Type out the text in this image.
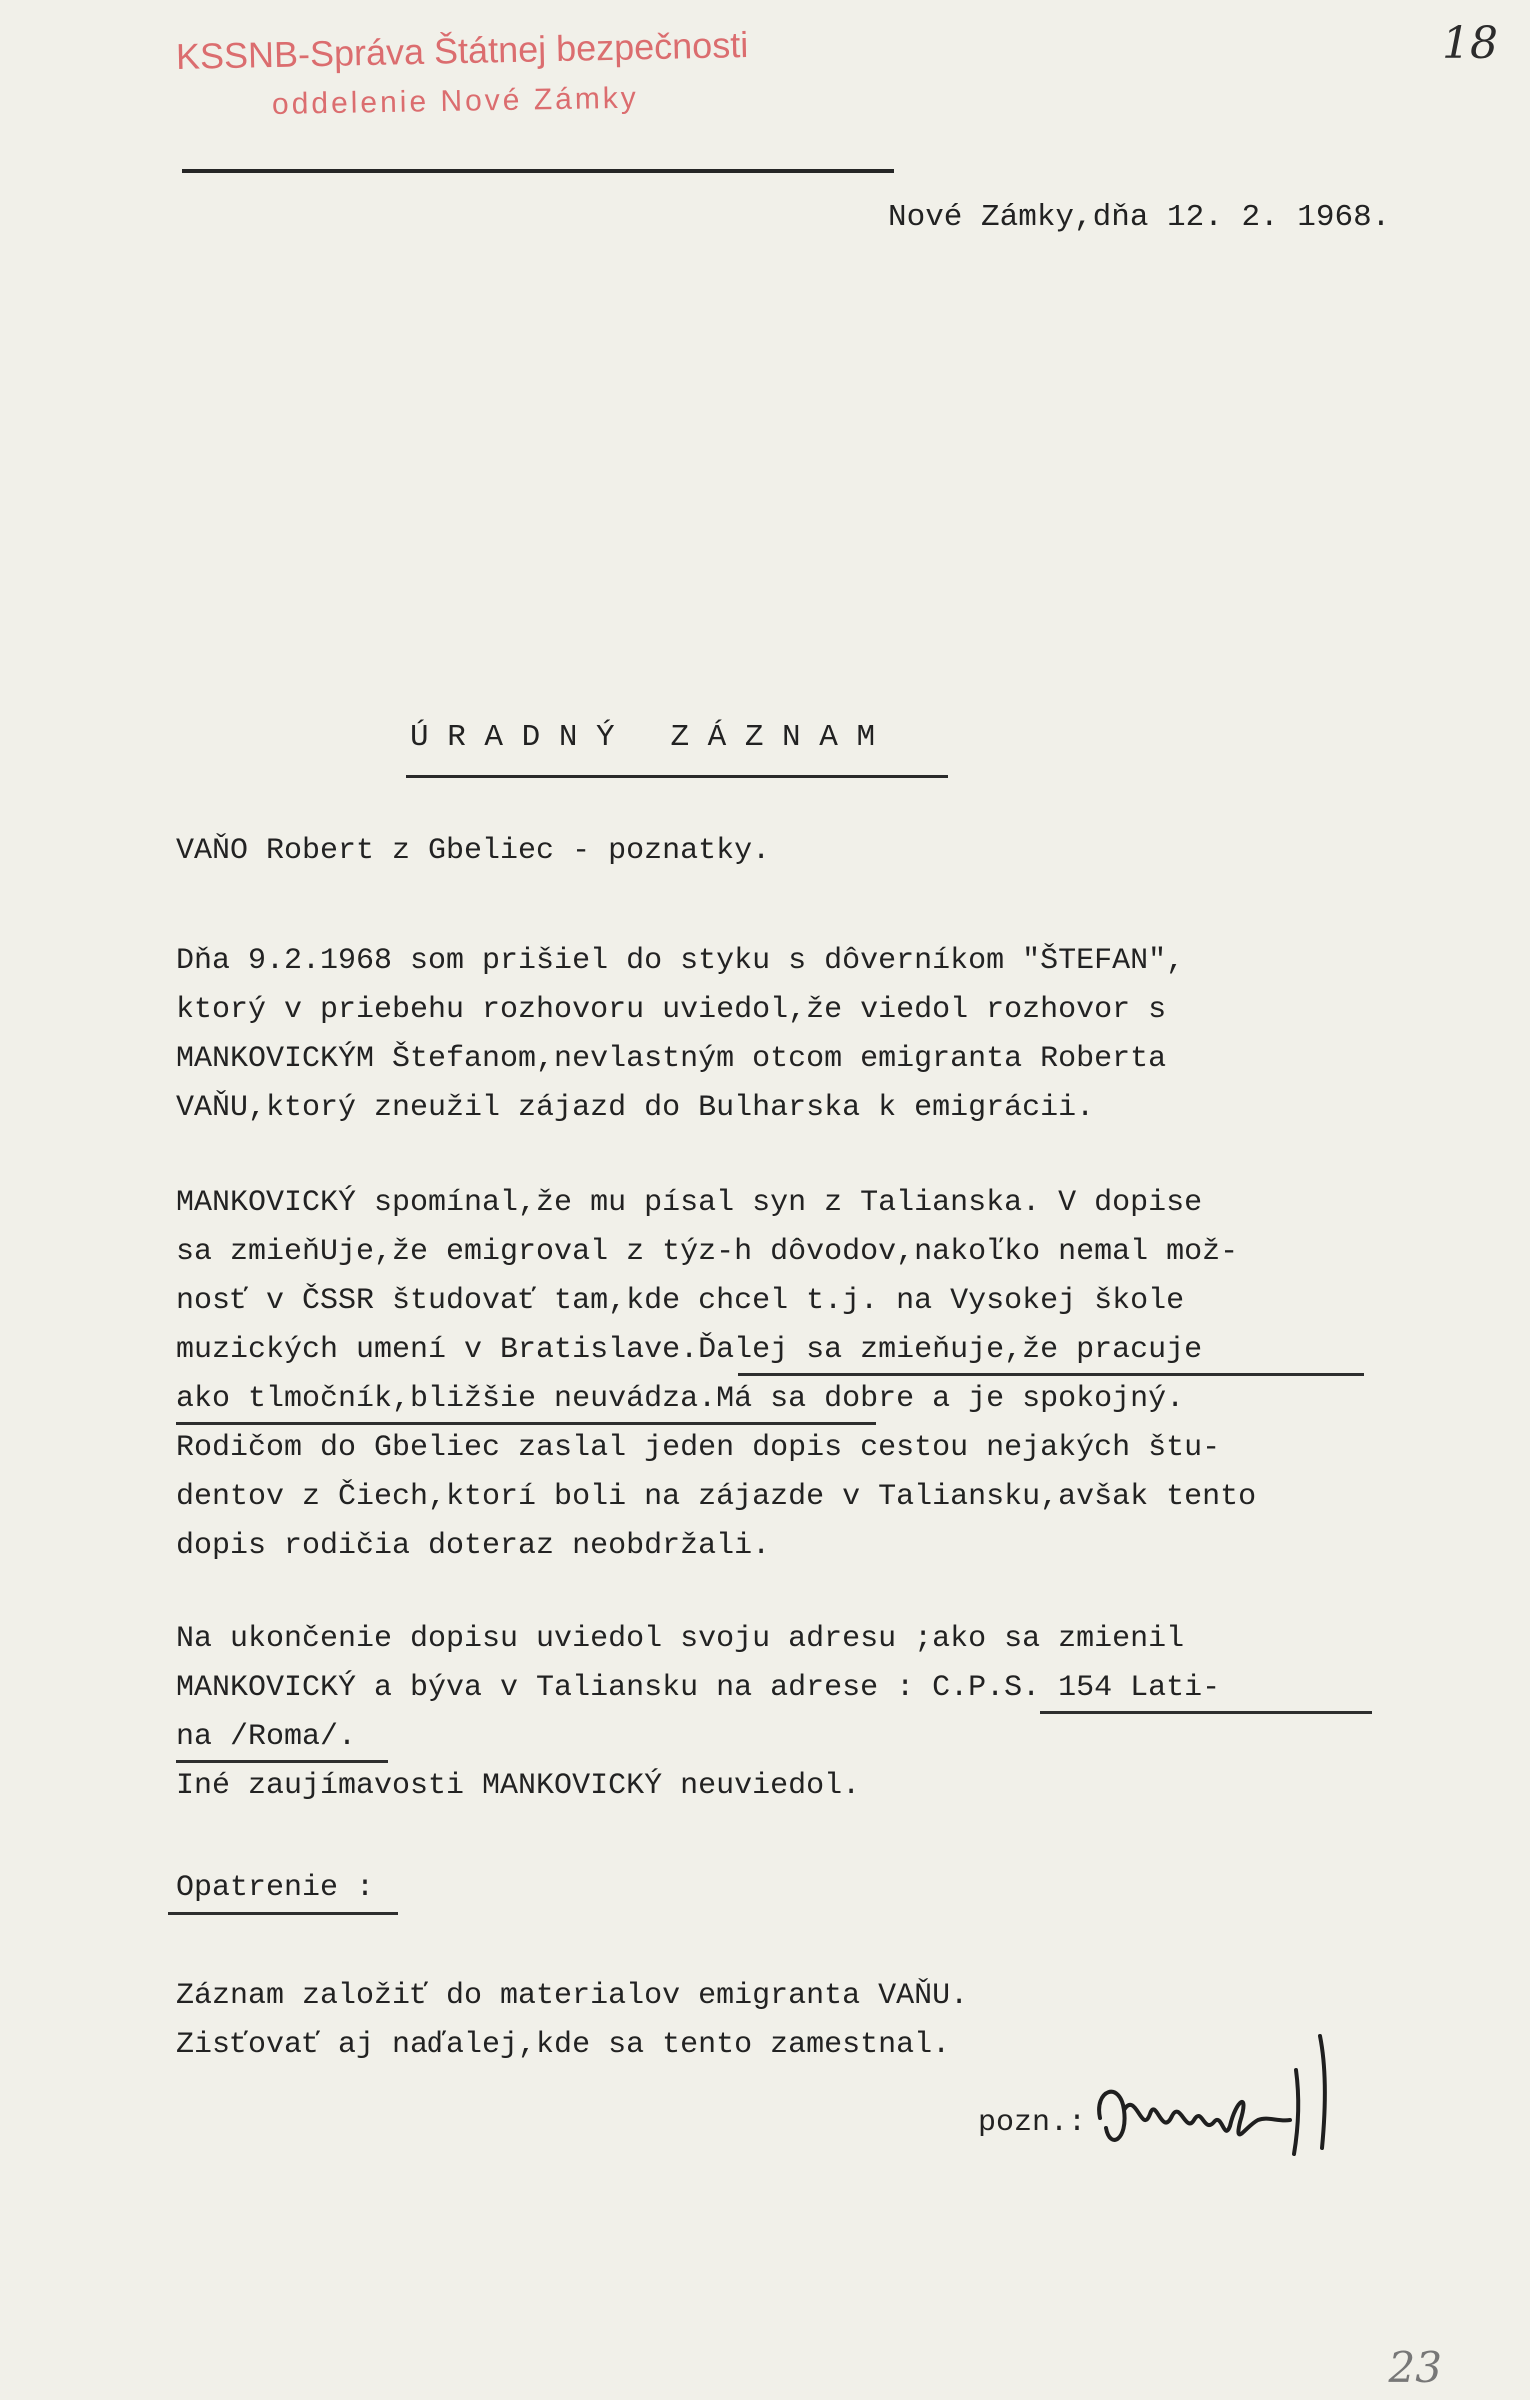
KSSNB-Správa Štátnej bezpečnosti
oddelenie Nové Zámky
18
Nové Zámky,dňa 12. 2. 1968.
Ú R A D N Ý   Z Á Z N A M
VAŇO Robert z Gbeliec - poznatky.
Dňa 9.2.1968 som prišiel do styku s dôverníkom "ŠTEFAN",
ktorý v priebehu rozhovoru uviedol,že viedol rozhovor s
MANKOVICKÝM Štefanom,nevlastným otcom emigranta Roberta
VAŇU,ktorý zneužil zájazd do Bulharska k emigrácii.
MANKOVICKÝ spomínal,že mu písal syn z Talianska. V dopise
sa zmieňUje,že emigroval z týz-h dôvodov,nakoľko nemal mož-
nosť v ČSSR študovať tam,kde chcel t.j. na Vysokej škole
muzických umení v Bratislave.Ďalej sa zmieňuje,že pracuje
ako tlmočník,bližšie neuvádza.Má sa dobre a je spokojný.
Rodičom do Gbeliec zaslal jeden dopis cestou nejakých štu-
dentov z Čiech,ktorí boli na zájazde v Taliansku,avšak tento
dopis rodičia doteraz neobdržali.
Na ukončenie dopisu uviedol svoju adresu ;ako sa zmienil
MANKOVICKÝ a býva v Taliansku na adrese : C.P.S. 154 Lati-
na /Roma/.
Iné zaujímavosti MANKOVICKÝ neuviedol.
Opatrenie :
Záznam založiť do materialov emigranta VAŇU.
Zisťovať aj naďalej,kde sa tento zamestnal.
pozn.:
23
